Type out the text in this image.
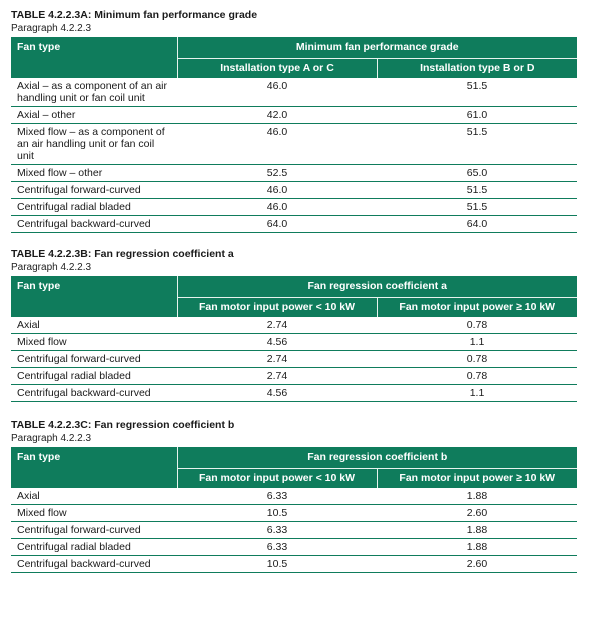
TABLE 4.2.2.3A: Minimum fan performance grade
Paragraph 4.2.2.3
Fan type	Minimum fan performance grade	
	Installation type A or C	Installation type B or D
Axial – as a component of an air handling unit or fan coil unit	46.0	51.5
Axial – other	42.0	61.0
Mixed flow – as a component of an air handling unit or fan coil unit	46.0	51.5
Mixed flow – other	52.5	65.0
Centrifugal forward-curved	46.0	51.5
Centrifugal radial bladed	46.0	51.5
Centrifugal backward-curved	64.0	64.0
TABLE 4.2.2.3B: Fan regression coefficient a
Paragraph 4.2.2.3
Fan type	Fan regression coefficient a	
	Fan motor input power < 10 kW	Fan motor input power ≥ 10 kW
Axial	2.74	0.78
Mixed flow	4.56	1.1
Centrifugal forward-curved	2.74	0.78
Centrifugal radial bladed	2.74	0.78
Centrifugal backward-curved	4.56	1.1
TABLE 4.2.2.3C: Fan regression coefficient b
Paragraph 4.2.2.3
Fan type	Fan regression coefficient b	
	Fan motor input power < 10 kW	Fan motor input power ≥ 10 kW
Axial	6.33	1.88
Mixed flow	10.5	2.60
Centrifugal forward-curved	6.33	1.88
Centrifugal radial bladed	6.33	1.88
Centrifugal backward-curved	10.5	2.60
